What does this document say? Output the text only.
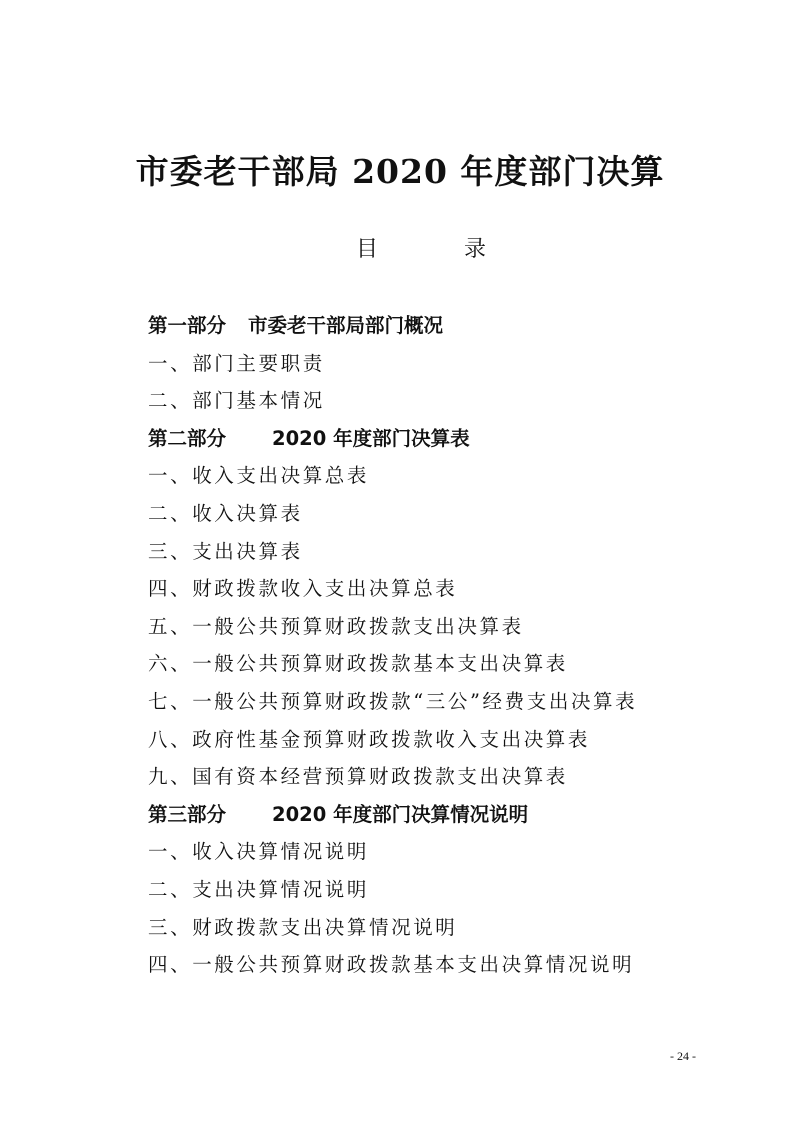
市委老干部局 2020 年度部门决算
目	录
第一部分 市委老干部局部门概况
一、部门主要职责
二、部门基本情况
第二部分 2020 年度部门决算表
一、收入支出决算总表
二、收入决算表
三、支出决算表
四、财政拨款收入支出决算总表
五、一般公共预算财政拨款支出决算表
六、一般公共预算财政拨款基本支出决算表
七、一般公共预算财政拨款“三公”经费支出决算表
八、政府性基金预算财政拨款收入支出决算表
九、国有资本经营预算财政拨款支出决算表
第三部分 2020 年度部门决算情况说明
一、收入决算情况说明
二、支出决算情况说明
三、财政拨款支出决算情况说明
四、一般公共预算财政拨款基本支出决算情况说明
- 24 -
